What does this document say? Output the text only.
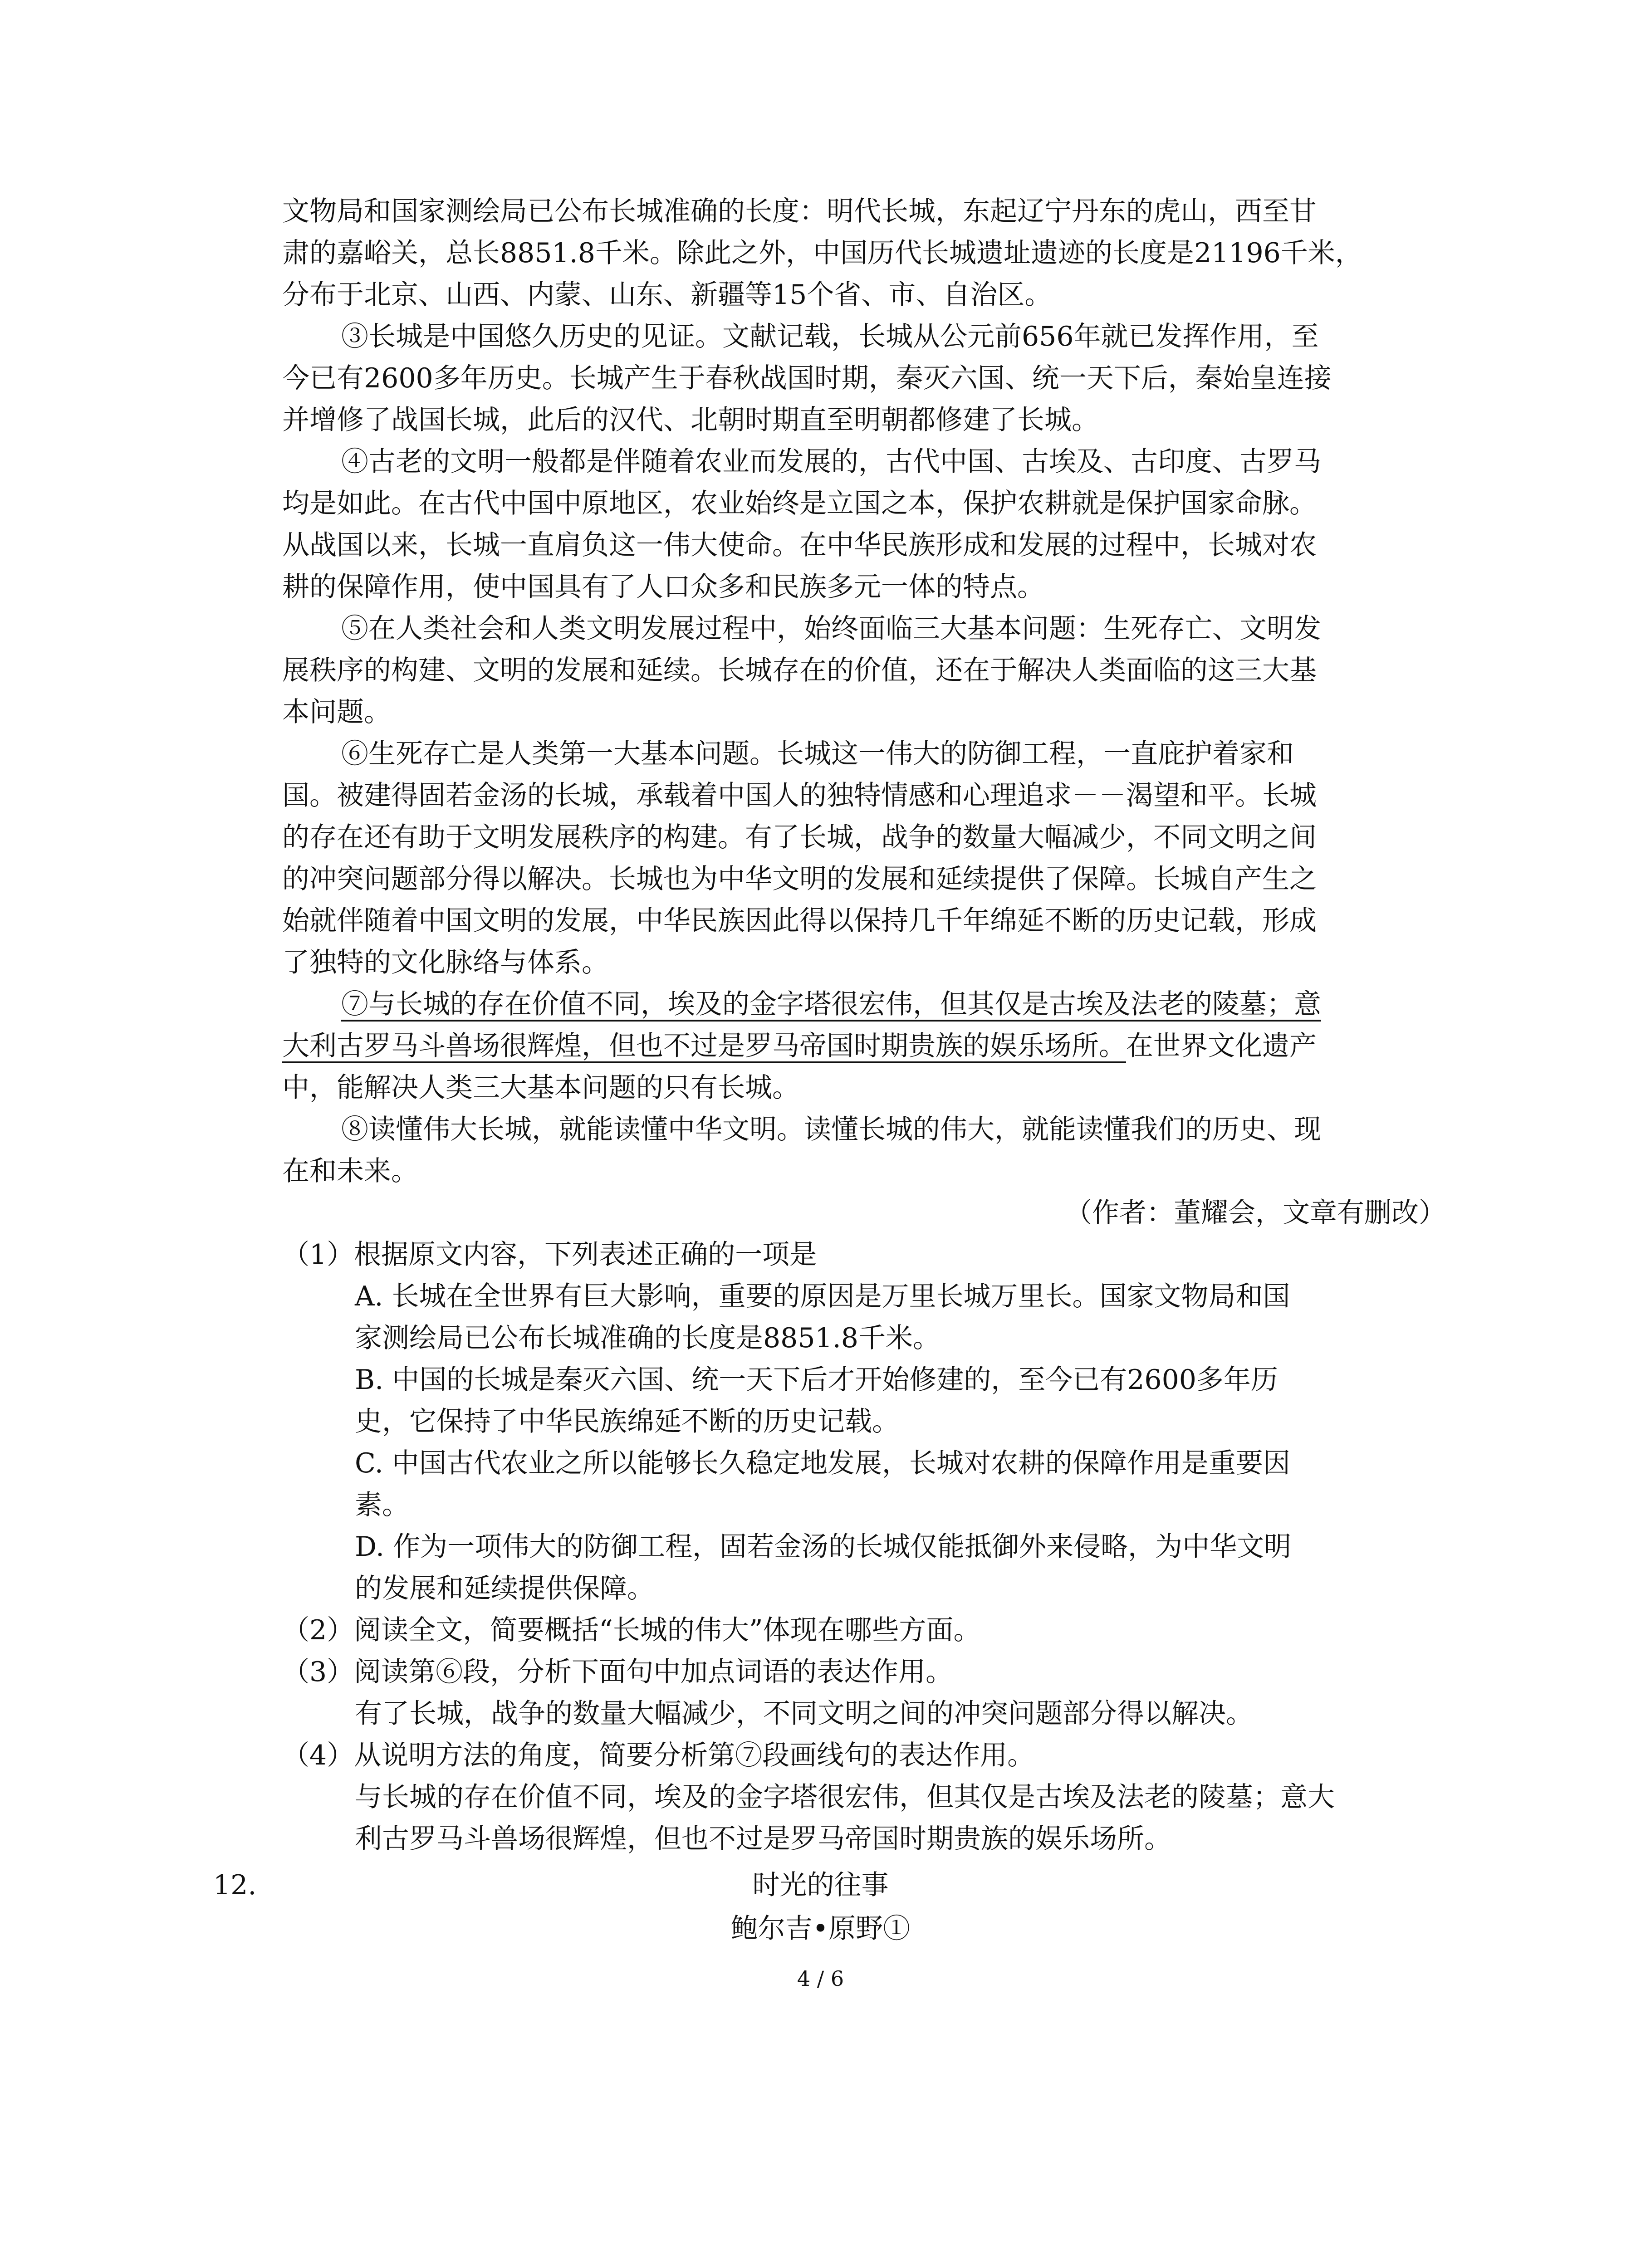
文物局和国家测绘局已公布长城准确的长度：明代长城，东起辽宁丹东的虎山，西至甘

肃的嘉峪关，总长8851.8千米。除此之外，中国历代长城遗址遗迹的长度是21196千米，

分布于北京、山西、内蒙、山东、新疆等15个省、市、自治区。

③长城是中国悠久历史的见证。文献记载，长城从公元前656年就已发挥作用，至

今已有2600多年历史。长城产生于春秋战国时期，秦灭六国、统一天下后，秦始皇连接

并增修了战国长城，此后的汉代、北朝时期直至明朝都修建了长城。

④古老的文明一般都是伴随着农业而发展的，古代中国、古埃及、古印度、古罗马

均是如此。在古代中国中原地区，农业始终是立国之本，保护农耕就是保护国家命脉。

从战国以来，长城一直肩负这一伟大使命。在中华民族形成和发展的过程中，长城对农

耕的保障作用，使中国具有了人口众多和民族多元一体的特点。

⑤在人类社会和人类文明发展过程中，始终面临三大基本问题：生死存亡、文明发

展秩序的构建、文明的发展和延续。长城存在的价值，还在于解决人类面临的这三大基

本问题。

⑥生死存亡是人类第一大基本问题。长城这一伟大的防御工程，一直庇护着家和

国。被建得固若金汤的长城，承载着中国人的独特情感和心理追求－－渴望和平。长城

的存在还有助于文明发展秩序的构建。有了长城，战争的数量大幅减少，不同文明之间

的冲突问题部分得以解决。长城也为中华文明的发展和延续提供了保障。长城自产生之

始就伴随着中国文明的发展，中华民族因此得以保持几千年绵延不断的历史记载，形成

了独特的文化脉络与体系。

⑦与长城的存在价值不同，埃及的金字塔很宏伟，但其仅是古埃及法老的陵墓；意

大利古罗马斗兽场很辉煌，但也不过是罗马帝国时期贵族的娱乐场所。在世界文化遗产

中，能解决人类三大基本问题的只有长城。

⑧读懂伟大长城，就能读懂中华文明。读懂长城的伟大，就能读懂我们的历史、现

在和未来。

（作者：董耀会，文章有删改）

（1）根据原文内容，下列表述正确的一项是

A. 长城在全世界有巨大影响，重要的原因是万里长城万里长。国家文物局和国

家测绘局已公布长城准确的长度是8851.8千米。

B. 中国的长城是秦灭六国、统一天下后才开始修建的，至今已有2600多年历

史，它保持了中华民族绵延不断的历史记载。

C. 中国古代农业之所以能够长久稳定地发展，长城对农耕的保障作用是重要因

素。

D. 作为一项伟大的防御工程，固若金汤的长城仅能抵御外来侵略，为中华文明

的发展和延续提供保障。

（2）阅读全文，简要概括“长城的伟大”体现在哪些方面。

（3）阅读第⑥段，分析下面句中加点词语的表达作用。

有了长城，战争的数量大幅减少，不同文明之间的冲突问题部分得以解决。

（4）从说明方法的角度，简要分析第⑦段画线句的表达作用。

与长城的存在价值不同，埃及的金字塔很宏伟，但其仅是古埃及法老的陵墓；意大

利古罗马斗兽场很辉煌，但也不过是罗马帝国时期贵族的娱乐场所。

12.	时光的往事

鲍尔吉•原野①

4 / 6
